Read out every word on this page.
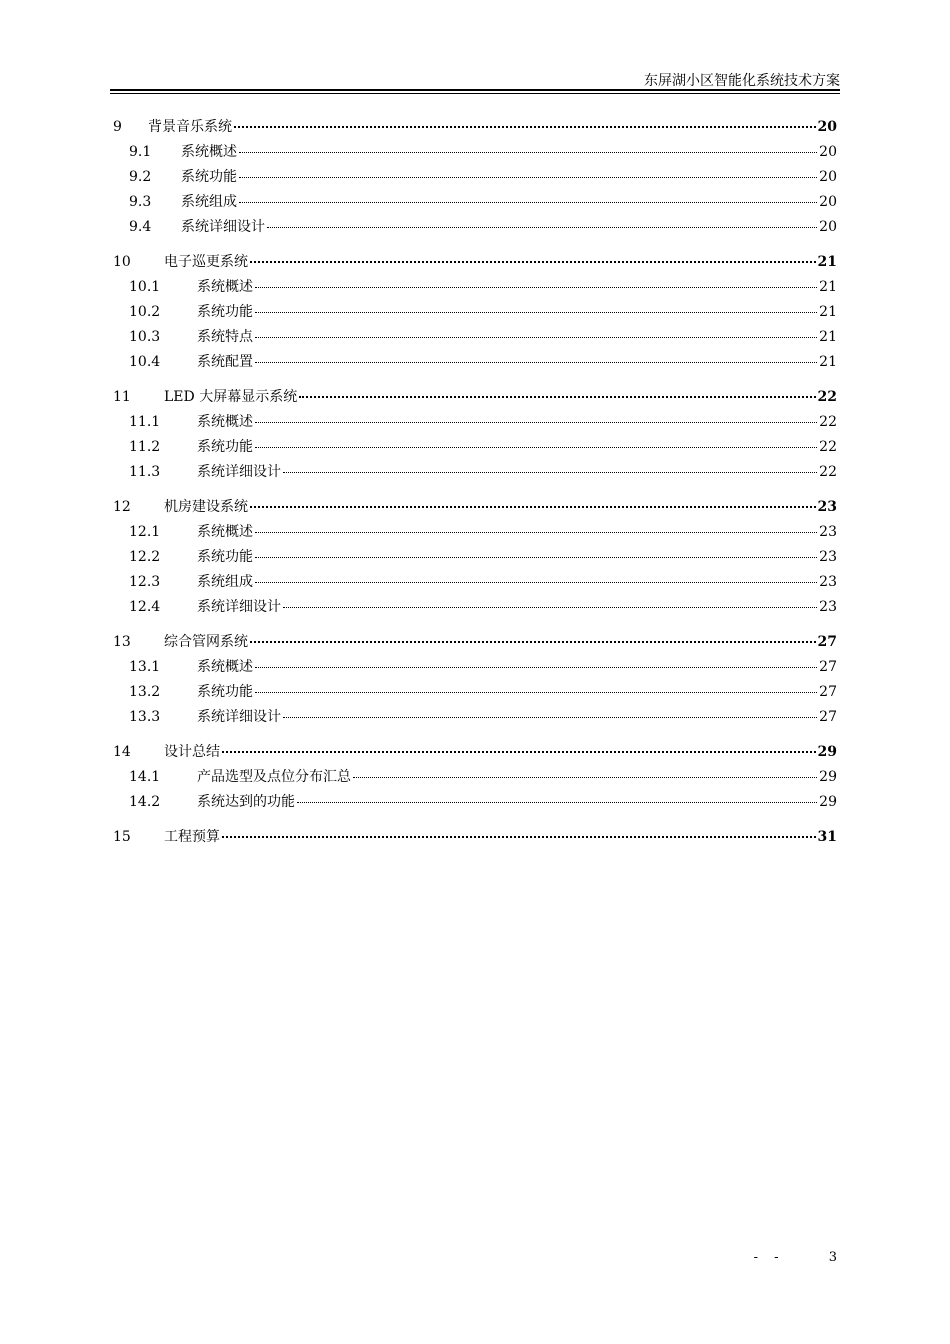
东屏湖小区智能化系统技术方案
9	背景音乐系统	20
9.1	系统概述	20
9.2	系统功能	20
9.3	系统组成	20
9.4	系统详细设计	20
10	电子巡更系统	21
10.1	系统概述	21
10.2	系统功能	21
10.3	系统特点	21
10.4	系统配置	21
11	LED 大屏幕显示系统	22
11.1	系统概述	22
11.2	系统功能	22
11.3	系统详细设计	22
12	机房建设系统	23
12.1	系统概述	23
12.2	系统功能	23
12.3	系统组成	23
12.4	系统详细设计	23
13	综合管网系统	27
13.1	系统概述	27
13.2	系统功能	27
13.3	系统详细设计	27
14	设计总结	29
14.1	产品选型及点位分布汇总	29
14.2	系统达到的功能	29
15	工程预算	31
- -	3
